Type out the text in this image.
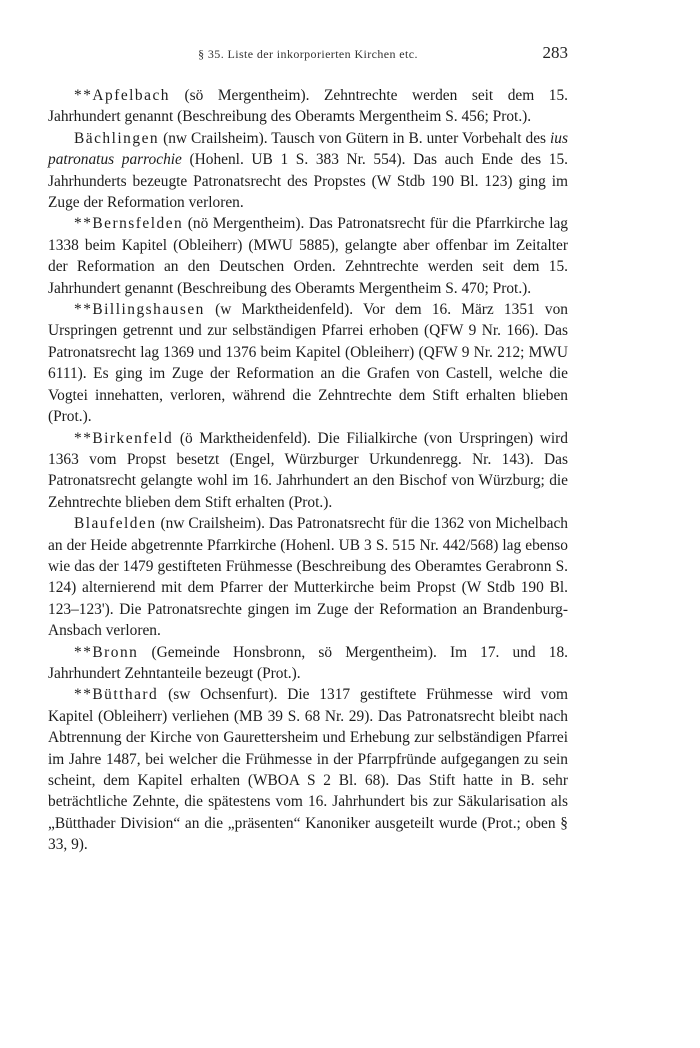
§ 35. Liste der inkorporierten Kirchen etc.	283

**Apfelbach (sö Mergentheim). Zehntrechte werden seit dem 15. Jahrhundert genannt (Beschreibung des Oberamts Mergentheim S. 456; Prot.).

Bächlingen (nw Crailsheim). Tausch von Gütern in B. unter Vorbehalt des ius patronatus parrochie (Hohenl. UB 1 S. 383 Nr. 554). Das auch Ende des 15. Jahrhunderts bezeugte Patronatsrecht des Propstes (W Stdb 190 Bl. 123) ging im Zuge der Reformation verloren.

**Bernsfelden (nö Mergentheim). Das Patronatsrecht für die Pfarrkirche lag 1338 beim Kapitel (Obleiherr) (MWU 5885), gelangte aber offenbar im Zeitalter der Reformation an den Deutschen Orden. Zehntrechte werden seit dem 15. Jahrhundert genannt (Beschreibung des Oberamts Mergentheim S. 470; Prot.).

**Billingshausen (w Marktheidenfeld). Vor dem 16. März 1351 von Urspringen getrennt und zur selbständigen Pfarrei erhoben (QFW 9 Nr. 166). Das Patronatsrecht lag 1369 und 1376 beim Kapitel (Obleiherr) (QFW 9 Nr. 212; MWU 6111). Es ging im Zuge der Reformation an die Grafen von Castell, welche die Vogtei innehatten, verloren, während die Zehntrechte dem Stift erhalten blieben (Prot.).

**Birkenfeld (ö Marktheidenfeld). Die Filialkirche (von Urspringen) wird 1363 vom Propst besetzt (Engel, Würzburger Urkundenregg. Nr. 143). Das Patronatsrecht gelangte wohl im 16. Jahrhundert an den Bischof von Würzburg; die Zehntrechte blieben dem Stift erhalten (Prot.).

Blaufelden (nw Crailsheim). Das Patronatsrecht für die 1362 von Michelbach an der Heide abgetrennte Pfarrkirche (Hohenl. UB 3 S. 515 Nr. 442/568) lag ebenso wie das der 1479 gestifteten Frühmesse (Beschreibung des Oberamtes Gerabronn S. 124) alternierend mit dem Pfarrer der Mutterkirche beim Propst (W Stdb 190 Bl. 123–123'). Die Patronatsrechte gingen im Zuge der Reformation an Brandenburg-Ansbach verloren.

**Bronn (Gemeinde Honsbronn, sö Mergentheim). Im 17. und 18. Jahrhundert Zehntanteile bezeugt (Prot.).

**Bütthard (sw Ochsenfurt). Die 1317 gestiftete Frühmesse wird vom Kapitel (Obleiherr) verliehen (MB 39 S. 68 Nr. 29). Das Patronatsrecht bleibt nach Abtrennung der Kirche von Gaurettersheim und Erhebung zur selbständigen Pfarrei im Jahre 1487, bei welcher die Frühmesse in der Pfarrpfründe aufgegangen zu sein scheint, dem Kapitel erhalten (WBOA S 2 Bl. 68). Das Stift hatte in B. sehr beträchtliche Zehnte, die spätestens vom 16. Jahrhundert bis zur Säkularisation als „Bütthader Division“ an die „präsenten“ Kanoniker ausgeteilt wurde (Prot.; oben § 33, 9).
